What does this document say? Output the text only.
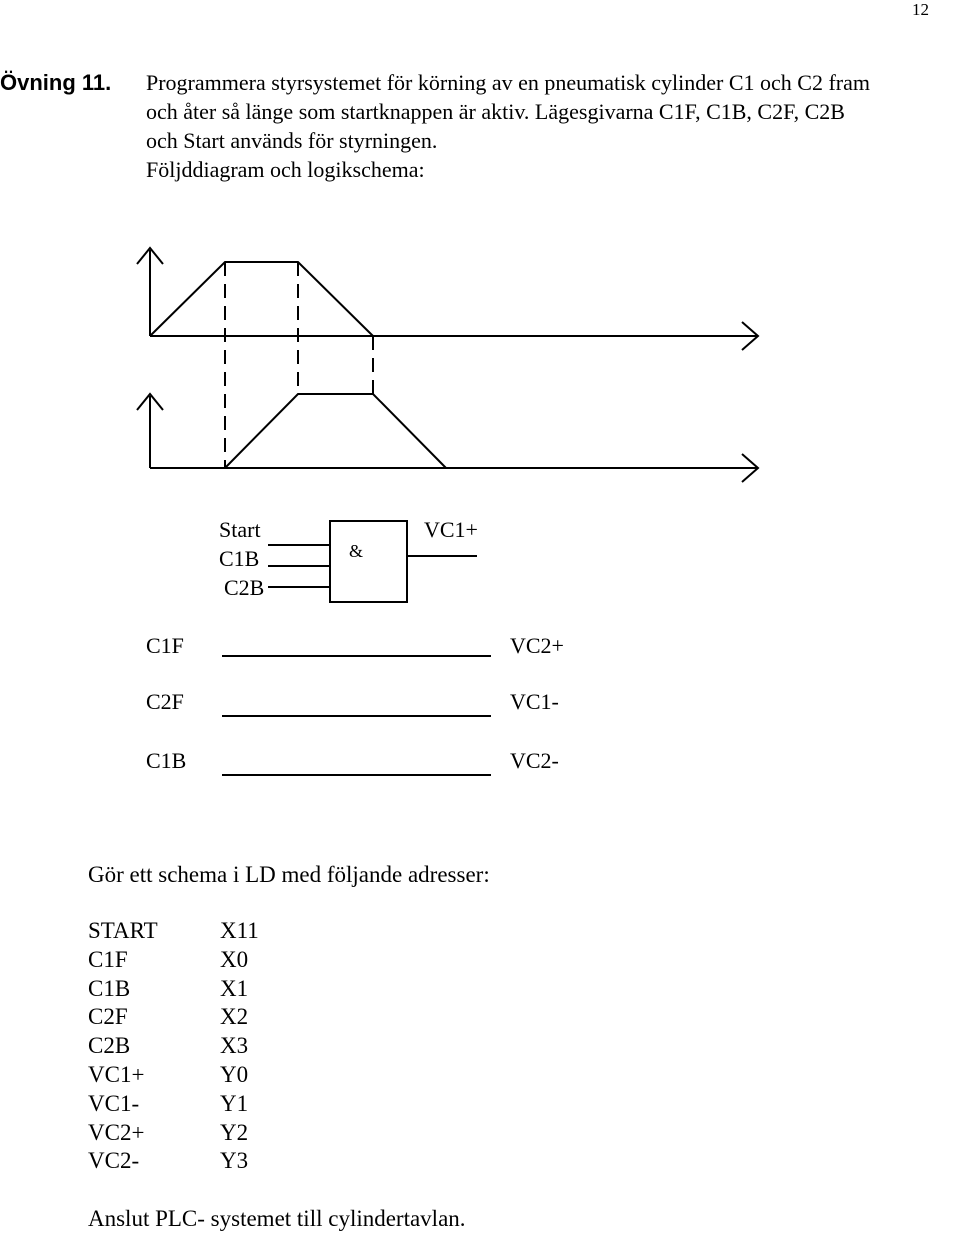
12
Övning 11. Programmera styrsystemet för körning av en pneumatisk cylinder C1 och C2 fram
och åter så länge som startknappen är aktiv. Lägesgivarna C1F, C1B, C2F, C2B
och Start används för styrningen.
Följddiagram och logikschema:
Start
C1B
C2B
&
VC1+
C1F	VC2+
C2F	VC1-
C1B	VC2-
Gör ett schema i LD med följande adresser:
START	X11
C1F	X0
C1B	X1
C2F	X2
C2B	X3
VC1+	Y0
VC1-	Y1
VC2+	Y2
VC2-	Y3
Anslut PLC- systemet till cylindertavlan.
